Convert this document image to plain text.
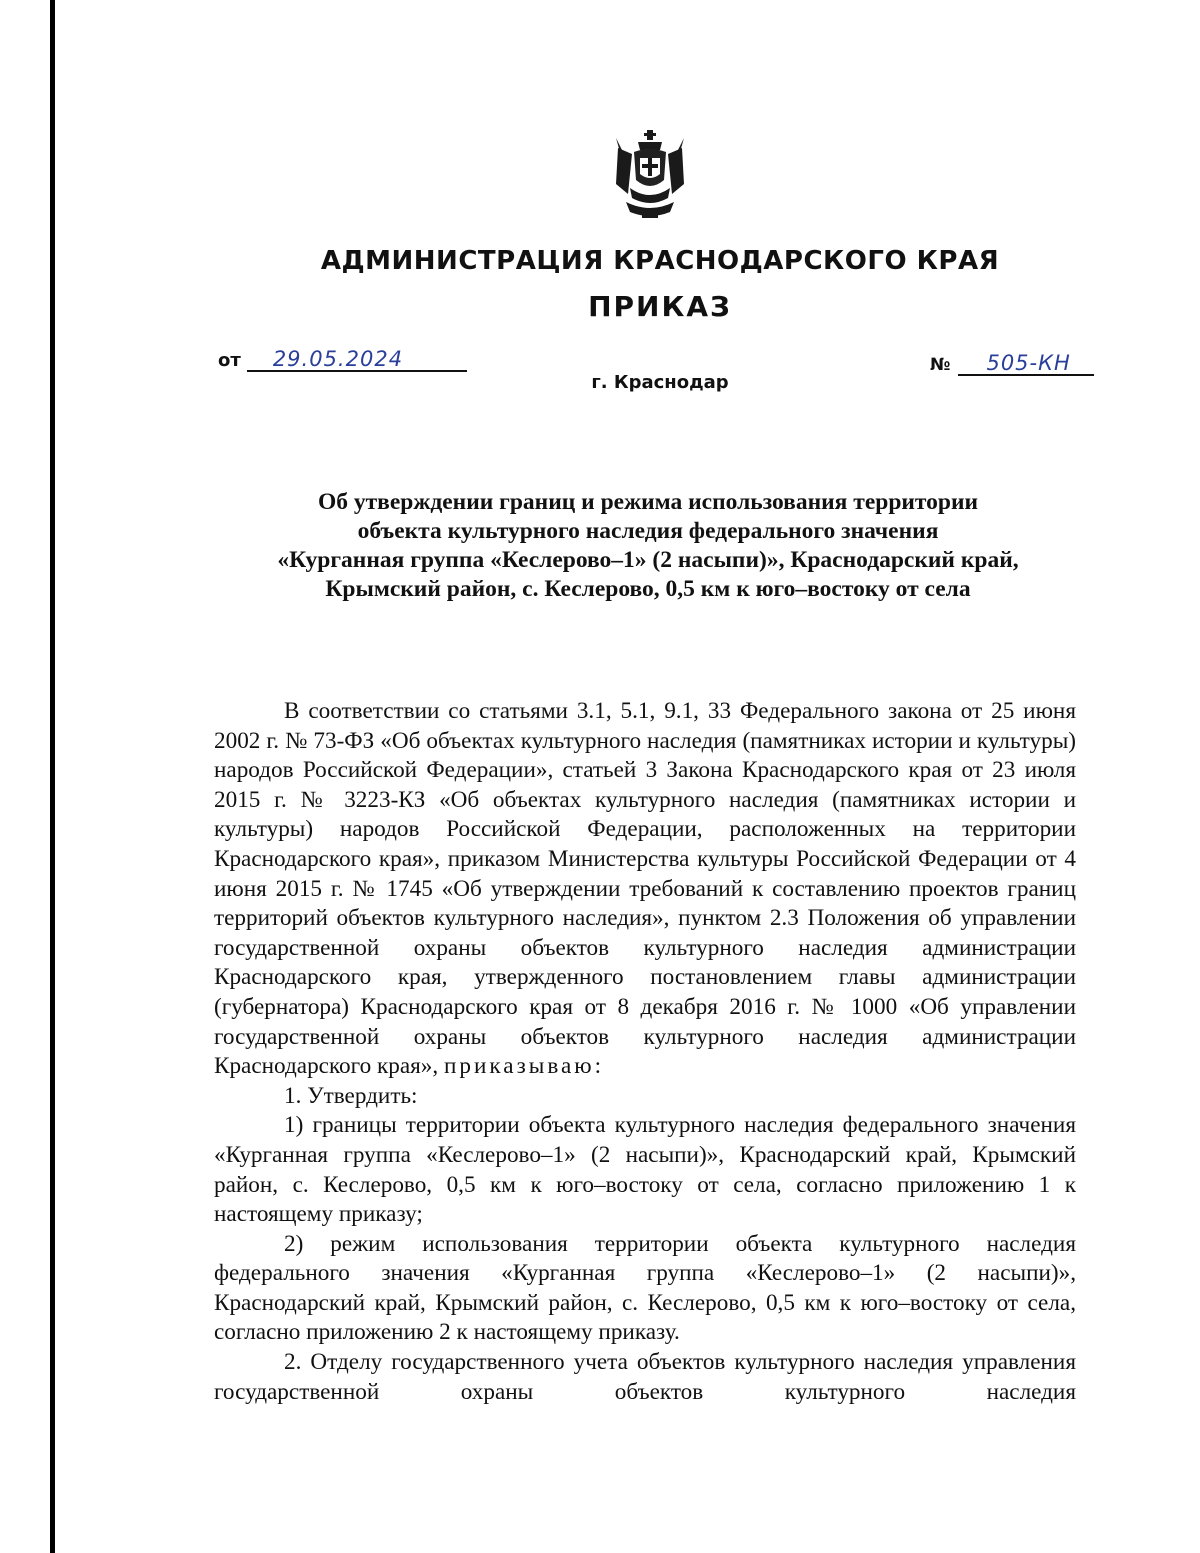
АДМИНИСТРАЦИЯ КРАСНОДАРСКОГО КРАЯ
ПРИКАЗ
от 29.05.2024	№ 505-КН
г. Краснодар
Об утверждении границ и режима использования территории
объекта культурного наследия федерального значения
«Курганная группа «Кеслерово–1» (2 насыпи)», Краснодарский край,
Крымский район, с. Кеслерово, 0,5 км к юго–востоку от села

В соответствии со статьями 3.1, 5.1, 9.1, 33 Федерального закона от 25 июня 2002 г. № 73-ФЗ «Об объектах культурного наследия (памятниках истории и культуры) народов Российской Федерации», статьей 3 Закона Краснодарского края от 23 июля 2015 г. № 3223-КЗ «Об объектах культурного наследия (памятниках истории и культуры) народов Российской Федерации, расположенных на территории Краснодарского края», приказом Министерства культуры Российской Федерации от 4 июня 2015 г. № 1745 «Об утверждении требований к составлению проектов границ территорий объектов культурного наследия», пунктом 2.3 Положения об управлении государственной охраны объектов культурного наследия администрации Краснодарского края, утвержденного постановлением главы администрации (губернатора) Краснодарского края от 8 декабря 2016 г. № 1000 «Об управлении государственной охраны объектов культурного наследия администрации Краснодарского края», приказываю:

1. Утвердить:

1) границы территории объекта культурного наследия федерального значения «Курганная группа «Кеслерово–1» (2 насыпи)», Краснодарский край, Крымский район, с. Кеслерово, 0,5 км к юго–востоку от села, согласно приложению 1 к настоящему приказу;

2) режим использования территории объекта культурного наследия федерального значения «Курганная группа «Кеслерово–1» (2 насыпи)», Краснодарский край, Крымский район, с. Кеслерово, 0,5 км к юго–востоку от села, согласно приложению 2 к настоящему приказу.

2. Отделу государственного учета объектов культурного наследия управления государственной охраны объектов культурного наследия
